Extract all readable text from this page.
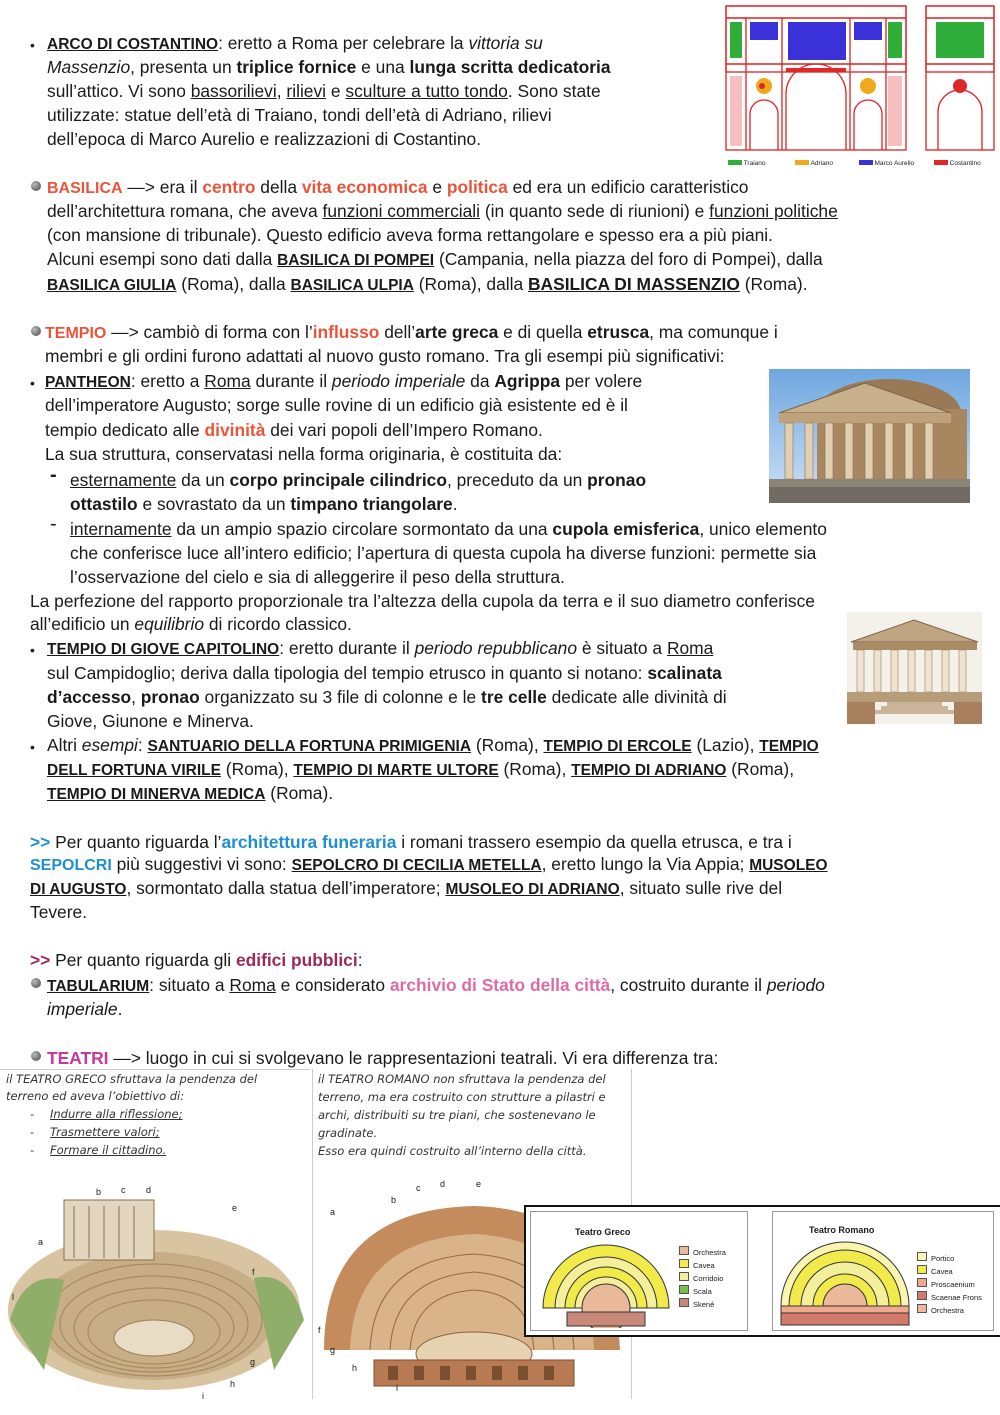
• ARCO DI COSTANTINO: eretto a Roma per celebrare la vittoria su
Massenzio, presenta un triplice fornice e una lunga scritta dedicatoria
sull’attico. Vi sono bassorilievi, rilievi e sculture a tutto tondo. Sono state
utilizzate: statue dell’età di Traiano, tondi dell’età di Adriano, rilievi
dell’epoca di Marco Aurelio e realizzazioni di Costantino.
Traiano	Adriano	Marco Aurelio	Costantino
BASILICA —> era il centro della vita economica e politica ed era un edificio caratteristico
dell’architettura romana, che aveva funzioni commerciali (in quanto sede di riunioni) e funzioni politiche
(con mansione di tribunale). Questo edificio aveva forma rettangolare e spesso era a più piani.
Alcuni esempi sono dati dalla BASILICA DI POMPEI (Campania, nella piazza del foro di Pompei), dalla
BASILICA GIULIA (Roma), dalla BASILICA ULPIA (Roma), dalla BASILICA DI MASSENZIO (Roma).
TEMPIO —> cambiò di forma con l’influsso dell’arte greca e di quella etrusca, ma comunque i
membri e gli ordini furono adattati al nuovo gusto romano. Tra gli esempi più significativi:
• PANTHEON: eretto a Roma durante il periodo imperiale da Agrippa per volere
dell’imperatore Augusto; sorge sulle rovine di un edificio già esistente ed è il
tempio dedicato alle divinità dei vari popoli dell’Impero Romano.
La sua struttura, conservatasi nella forma originaria, è costituita da:
- esternamente da un corpo principale cilindrico, preceduto da un pronao
ottastilo e sovrastato da un timpano triangolare.
- internamente da un ampio spazio circolare sormontato da una cupola emisferica, unico elemento
che conferisce luce all’intero edificio; l’apertura di questa cupola ha diverse funzioni: permette sia
l’osservazione del cielo e sia di alleggerire il peso della struttura.
La perfezione del rapporto proporzionale tra l’altezza della cupola da terra e il suo diametro conferisce
all’edificio un equilibrio di ricordo classico.
• TEMPIO DI GIOVE CAPITOLINO: eretto durante il periodo repubblicano è situato a Roma
sul Campidoglio; deriva dalla tipologia del tempio etrusco in quanto si notano: scalinata
d’accesso, pronao organizzato su 3 file di colonne e le tre celle dedicate alle divinità di
Giove, Giunone e Minerva.
• Altri esempi: SANTUARIO DELLA FORTUNA PRIMIGENIA (Roma), TEMPIO DI ERCOLE (Lazio), TEMPIO
DELL FORTUNA VIRILE (Roma), TEMPIO DI MARTE ULTORE (Roma), TEMPIO DI ADRIANO (Roma),
TEMPIO DI MINERVA MEDICA (Roma).
>> Per quanto riguarda l’architettura funeraria i romani trassero esempio da quella etrusca, e tra i
SEPOLCRI più suggestivi vi sono: SEPOLCRO DI CECILIA METELLA, eretto lungo la Via Appia; MUSOLEO
DI AUGUSTO, sormontato dalla statua dell’imperatore; MUSOLEO DI ADRIANO, situato sulle rive del
Tevere.
>> Per quanto riguarda gli edifici pubblici:
TABULARIUM: situato a Roma e considerato archivio di Stato della città, costruito durante il periodo
imperiale.
TEATRI —> luogo in cui si svolgevano le rappresentazioni teatrali. Vi era differenza tra:
il TEATRO GRECO sfruttava la pendenza del
terreno ed aveva l’obiettivo di:
- Indurre alla riflessione;
- Trasmettere valori;
- Formare il cittadino.
il TEATRO ROMANO non sfruttava la pendenza del
terreno, ma era costruito con strutture a pilastri e
archi, distribuiti su tre piani, che sostenevano le
gradinate.
Esso era quindi costruito all’interno della città.
b c d
a
e
f
g
h
i
l
a
b
c d	e
f
g
h
i
Teatro Greco
Orchestra
Cavea
Corridoio
Scala
Skené
Teatro Romano
Portico
Cavea
Proscaenium
Scaenae Frons
Orchestra
